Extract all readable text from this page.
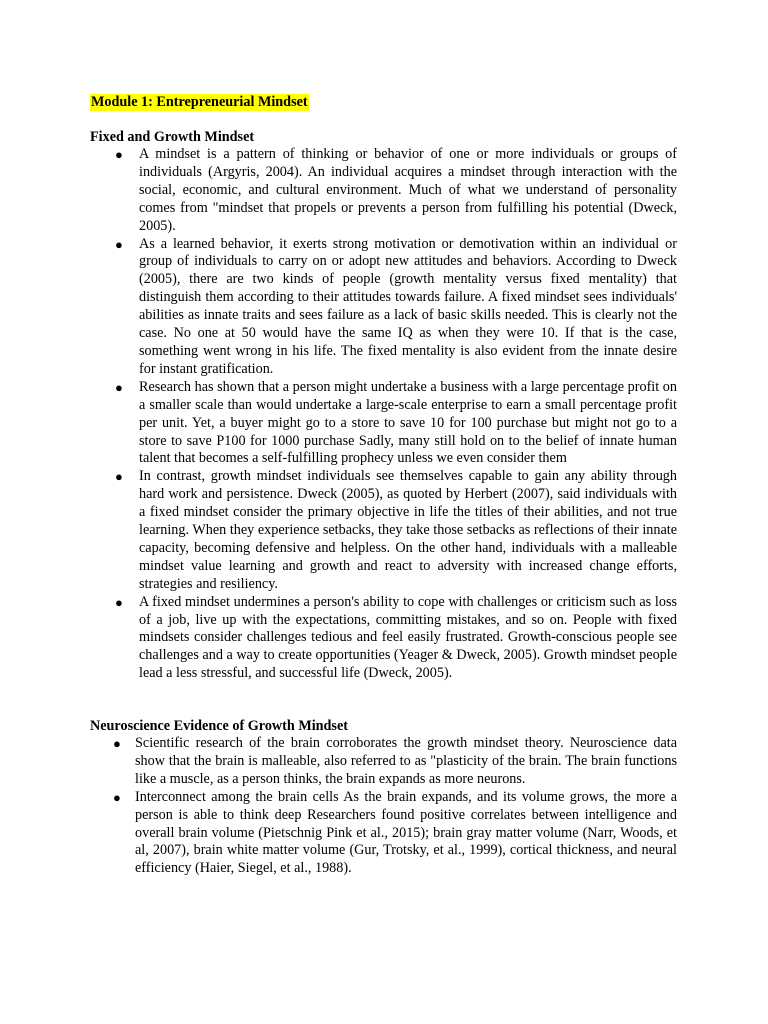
Module 1: Entrepreneurial Mindset
Fixed and Growth Mindset
● A mindset is a pattern of thinking or behavior of one or more individuals or groups of individuals (Argyris, 2004). An individual acquires a mindset through interaction with the social, economic, and cultural environment. Much of what we understand of personality comes from "mindset that propels or prevents a person from fulfilling his potential (Dweck, 2005).
● As a learned behavior, it exerts strong motivation or demotivation within an individual or group of individuals to carry on or adopt new attitudes and behaviors. According to Dweck (2005), there are two kinds of people (growth mentality versus fixed mentality) that distinguish them according to their attitudes towards failure. A fixed mindset sees individuals' abilities as innate traits and sees failure as a lack of basic skills needed. This is clearly not the case. No one at 50 would have the same IQ as when they were 10. If that is the case, something went wrong in his life. The fixed mentality is also evident from the innate desire for instant gratification.
● Research has shown that a person might undertake a business with a large percentage profit on a smaller scale than would undertake a large-scale enterprise to earn a small percentage profit per unit. Yet, a buyer might go to a store to save 10 for 100 purchase but might not go to a store to save P100 for 1000 purchase Sadly, many still hold on to the belief of innate human talent that becomes a self-fulfilling prophecy unless we even consider them
● In contrast, growth mindset individuals see themselves capable to gain any ability through hard work and persistence. Dweck (2005), as quoted by Herbert (2007), said individuals with a fixed mindset consider the primary objective in life the titles of their abilities, and not true learning. When they experience setbacks, they take those setbacks as reflections of their innate capacity, becoming defensive and helpless. On the other hand, individuals with a malleable mindset value learning and growth and react to adversity with increased change efforts, strategies and resiliency.
● A fixed mindset undermines a person's ability to cope with challenges or criticism such as loss of a job, live up with the expectations, committing mistakes, and so on. People with fixed mindsets consider challenges tedious and feel easily frustrated. Growth-conscious people see challenges and a way to create opportunities (Yeager & Dweck, 2005). Growth mindset people lead a less stressful, and successful life (Dweck, 2005).
Neuroscience Evidence of Growth Mindset
● Scientific research of the brain corroborates the growth mindset theory. Neuroscience data show that the brain is malleable, also referred to as "plasticity of the brain. The brain functions like a muscle, as a person thinks, the brain expands as more neurons.
● Interconnect among the brain cells As the brain expands, and its volume grows, the more a person is able to think deep Researchers found positive correlates between intelligence and overall brain volume (Pietschnig Pink et al., 2015); brain gray matter volume (Narr, Woods, et al, 2007), brain white matter volume (Gur, Trotsky, et al., 1999), cortical thickness, and neural efficiency (Haier, Siegel, et al., 1988).
